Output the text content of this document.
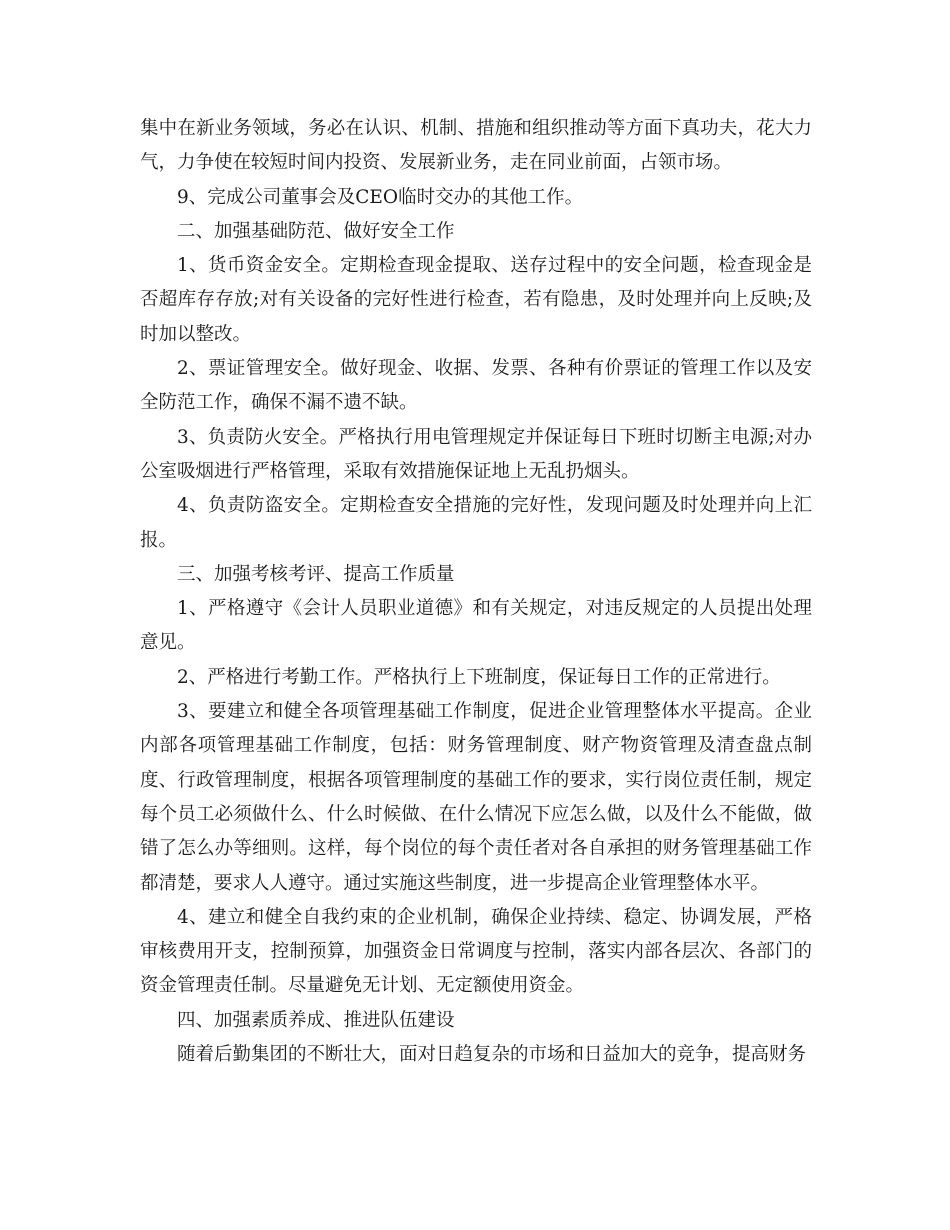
集中在新业务领域，务必在认识、机制、措施和组织推动等方面下真功夫，花大力气，力争使在较短时间内投资、发展新业务，走在同业前面，占领市场。

9、完成公司董事会及CEO临时交办的其他工作。

二、加强基础防范、做好安全工作

1、货币资金安全。定期检查现金提取、送存过程中的安全问题，检查现金是否超库存存放;对有关设备的完好性进行检查，若有隐患，及时处理并向上反映;及时加以整改。

2、票证管理安全。做好现金、收据、发票、各种有价票证的管理工作以及安全防范工作，确保不漏不遗不缺。

3、负责防火安全。严格执行用电管理规定并保证每日下班时切断主电源;对办公室吸烟进行严格管理，采取有效措施保证地上无乱扔烟头。

4、负责防盗安全。定期检查安全措施的完好性，发现问题及时处理并向上汇报。

三、加强考核考评、提高工作质量

1、严格遵守《会计人员职业道德》和有关规定，对违反规定的人员提出处理意见。

2、严格进行考勤工作。严格执行上下班制度，保证每日工作的正常进行。

3、要建立和健全各项管理基础工作制度，促进企业管理整体水平提高。企业内部各项管理基础工作制度，包括：财务管理制度、财产物资管理及清查盘点制度、行政管理制度，根据各项管理制度的基础工作的要求，实行岗位责任制，规定每个员工必须做什么、什么时候做、在什么情况下应怎么做，以及什么不能做，做错了怎么办等细则。这样，每个岗位的每个责任者对各自承担的财务管理基础工作都清楚，要求人人遵守。通过实施这些制度，进一步提高企业管理整体水平。

4、建立和健全自我约束的企业机制，确保企业持续、稳定、协调发展，严格审核费用开支，控制预算，加强资金日常调度与控制，落实内部各层次、各部门的资金管理责任制。尽量避免无计划、无定额使用资金。

四、加强素质养成、推进队伍建设

随着后勤集团的不断壮大，面对日趋复杂的市场和日益加大的竞争，提高财务
